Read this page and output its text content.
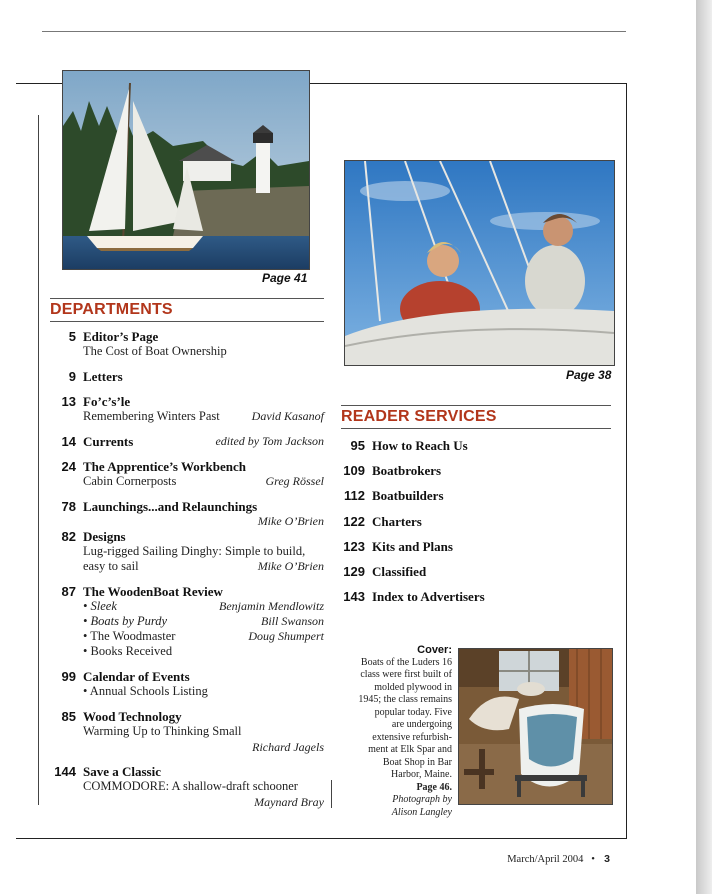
Page 41
Page 38
DEPARTMENTS
5 Editor’s Page
The Cost of Boat Ownership
9 Letters
13 Fo’c’s’le
Remembering Winters Past	David Kasanof
14 Currents	edited by Tom Jackson
24 The Apprentice’s Workbench
Cabin Cornerposts	Greg Rössel
78 Launchings...and Relaunchings
Mike O’Brien
82 Designs
Lug-rigged Sailing Dinghy: Simple to build,
easy to sail	Mike O’Brien
87 The WoodenBoat Review
• Sleek	Benjamin Mendlowitz
• Boats by Purdy	Bill Swanson
• The Woodmaster	Doug Shumpert
• Books Received
99 Calendar of Events
• Annual Schools Listing
85 Wood Technology
Warming Up to Thinking Small
Richard Jagels
144 Save a Classic
COMMODORE: A shallow-draft schooner
Maynard Bray
READER SERVICES
95 How to Reach Us
109 Boatbrokers
112 Boatbuilders
122 Charters
123 Kits and Plans
129 Classified
143 Index to Advertisers
Cover:
Boats of the Luders 16
class were first built of
molded plywood in
1945; the class remains
popular today. Five
are undergoing
extensive refurbish-
ment at Elk Spar and
Boat Shop in Bar
Harbor, Maine.
Page 46.
Photograph by
Alison Langley
March/April 2004 • 3
